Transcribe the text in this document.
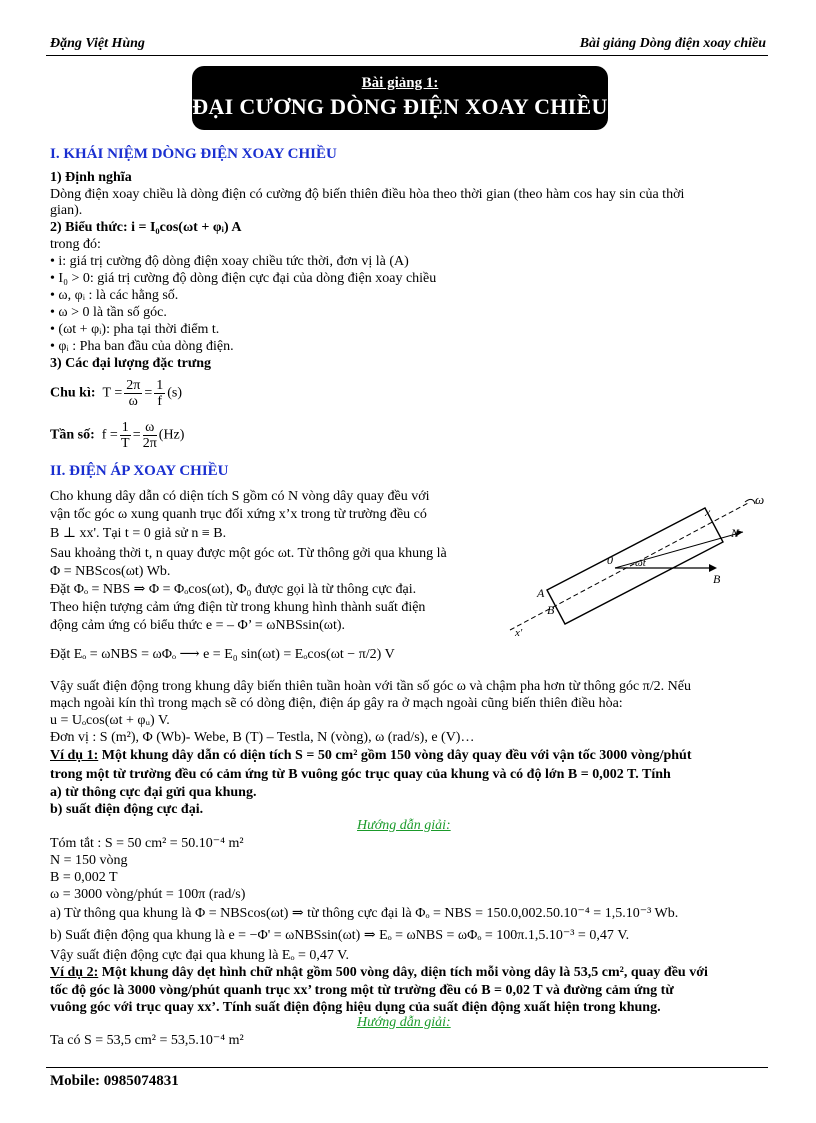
Đặng Việt Hùng	Bài giảng Dòng điện xoay chiều
Bài giảng 1:
ĐẠI CƯƠNG DÒNG ĐIỆN XOAY CHIỀU
I. KHÁI NIỆM DÒNG ĐIỆN XOAY CHIỀU
1) Định nghĩa
Dòng điện xoay chiều là dòng điện có cường độ biến thiên điều hòa theo thời gian (theo hàm cos hay sin của thời
gian).
2) Biểu thức: i = I₀cos(ωt + φᵢ) A
trong đó:
• i: giá trị cường độ dòng điện xoay chiều tức thời, đơn vị là (A)
• I₀ > 0: giá trị cường độ dòng điện cực đại của dòng điện xoay chiều
• ω, φᵢ : là các hằng số.
• ω > 0 là tần số góc.
• (ωt + φᵢ): pha tại thời điểm t.
• φᵢ : Pha ban đầu của dòng điện.
3) Các đại lượng đặc trưng
Chu kì:  $T = \frac{2\pi}{\omega} = \frac{1}{f} (s)$
Tần số:  $f = \frac{1}{T} = \frac{\omega}{2\pi} (Hz)$
II. ĐIỆN ÁP XOAY CHIỀU
Cho khung dây dẫn có diện tích S gồm có N vòng dây quay đều với
vận tốc góc ω xung quanh trục đối xứng x’x trong từ trường đều có
B ⊥ xx'. Tại t = 0 giả sử n ≡ B.
Sau khoảng thời t, n quay được một góc ωt. Từ thông gởi qua khung là
Φ = NBScos(ωt) Wb.
Đặt Φₒ = NBS ⇒ Φ = Φₒcos(ωt), Φ₀ được gọi là từ thông cực đại.
Theo hiện tượng cảm ứng điện từ trong khung hình thành suất điện
động cảm ứng có biểu thức e = – Φ’ = ωNBSsin(ωt).
Đặt Eₒ = ωNBS = ωΦₒ ⟶ e = E₀ sin(ωt) = Eₒcos(ωt − π/2) V
x
ω
N
0 ωt
B
A
B
x'
Vậy suất điện động trong khung dây biến thiên tuần hoàn với tần số góc ω và chậm pha hơn từ thông góc π/2. Nếu
mạch ngoài kín thì trong mạch sẽ có dòng điện, điện áp gây ra ở mạch ngoài cũng biến thiên điều hòa:
u = Uₒcos(ωt + φᵤ) V.
Đơn vị : S (m²), Φ (Wb)- Webe, B (T) – Testla, N (vòng), ω (rad/s), e (V)…
Ví dụ 1: Một khung dây dẫn có diện tích S = 50 cm² gồm 150 vòng dây quay đều với vận tốc 3000 vòng/phút
trong một từ trường đều có cảm ứng từ B vuông góc trục quay của khung và có độ lớn B = 0,002 T. Tính
a) từ thông cực đại gửi qua khung.
b) suất điện động cực đại.
Hướng dẫn giải:
Tóm tắt : S = 50 cm² = 50.10⁻⁴ m²
N = 150 vòng
B = 0,002 T
ω = 3000 vòng/phút = 100π (rad/s)
a) Từ thông qua khung là Φ = NBScos(ωt) ⇒ từ thông cực đại là Φₒ = NBS = 150.0,002.50.10⁻⁴ = 1,5.10⁻³ Wb.
b) Suất điện động qua khung là e = −Φ' = ωNBSsin(ωt) ⇒ Eₒ = ωNBS = ωΦₒ = 100π.1,5.10⁻³ = 0,47 V.
Vậy suất điện động cực đại qua khung là Eₒ = 0,47 V.
Ví dụ 2: Một khung dây dẹt hình chữ nhật gồm 500 vòng dây, diện tích mỗi vòng dây là 53,5 cm², quay đều với
tốc độ góc là 3000 vòng/phút quanh trục xx’ trong một từ trường đều có B = 0,02 T và đường cảm ứng từ
vuông góc với trục quay xx’. Tính suất điện động hiệu dụng của suất điện động xuất hiện trong khung.
Hướng dẫn giải:
Ta có S = 53,5 cm² = 53,5.10⁻⁴ m²
Mobile: 0985074831
